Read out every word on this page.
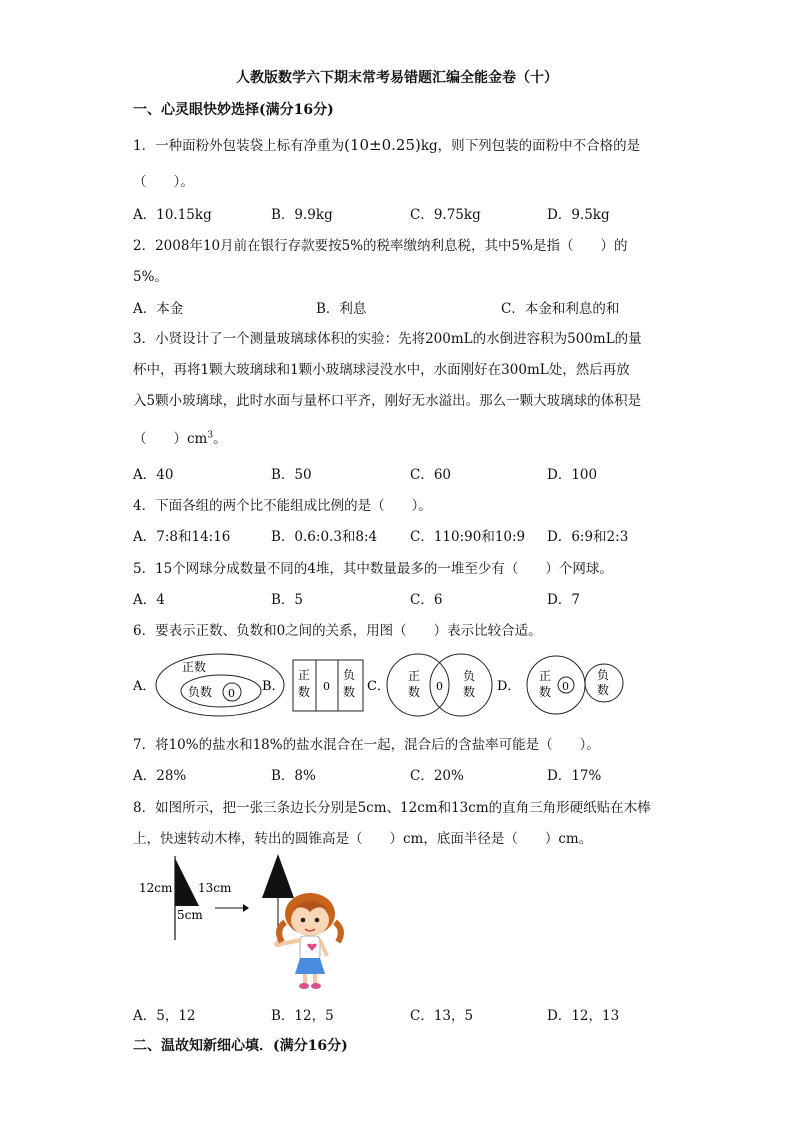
人教版数学六下期末常考易错题汇编全能金卷（十）
一、心灵眼快妙选择(满分16分)
1．一种面粉外包装袋上标有净重为(10±0.25)kg，则下列包装的面粉中不合格的是
（　　）。
A．10.15kg	B．9.9kg	C．9.75kg	D．9.5kg
2．2008年10月前在银行存款要按5%的税率缴纳利息税，其中5%是指（　　）的
5%。
A．本金	B．利息	C．本金和利息的和
3．小贤设计了一个测量玻璃球体积的实验：先将200mL的水倒进容积为500mL的量
杯中，再将1颗大玻璃球和1颗小玻璃球浸没水中，水面刚好在300mL处，然后再放
入5颗小玻璃球，此时水面与量杯口平齐，刚好无水溢出。那么一颗大玻璃球的体积是
（　　）$cm^3$。
A．40	B．50	C．60	D．100
4．下面各组的两个比不能组成比例的是（　　）。
A．7:8和14:16	B．0.6:0.3和8:4 C．110:90和10:9 D．6:9和2:3
5．15个网球分成数量不同的4堆，其中数量最多的一堆至少有（　　）个网球。
A．4	B．5	C．6	D．7
6．要表示正数、负数和0之间的关系，用图（　　）表示比较合适。
A．
正数
负数 0 B．
正
数 0
负
数 C．
正
数 0
负
数 D．
正
数 0
负
数
7．将10%的盐水和18%的盐水混合在一起，混合后的含盐率可能是（　　）。
A．28%	B．8%	C．20%	D．17%
8．如图所示，把一张三条边长分别是5cm、12cm和13cm的直角三角形硬纸贴在木棒
上，快速转动木棒，转出的圆锥高是（　　）cm，底面半径是（　　）cm。
12cm 13cm
5cm
A．5，12	B．12，5	C．13，5	D．12，13
二、温故知新细心填．(满分16分)
